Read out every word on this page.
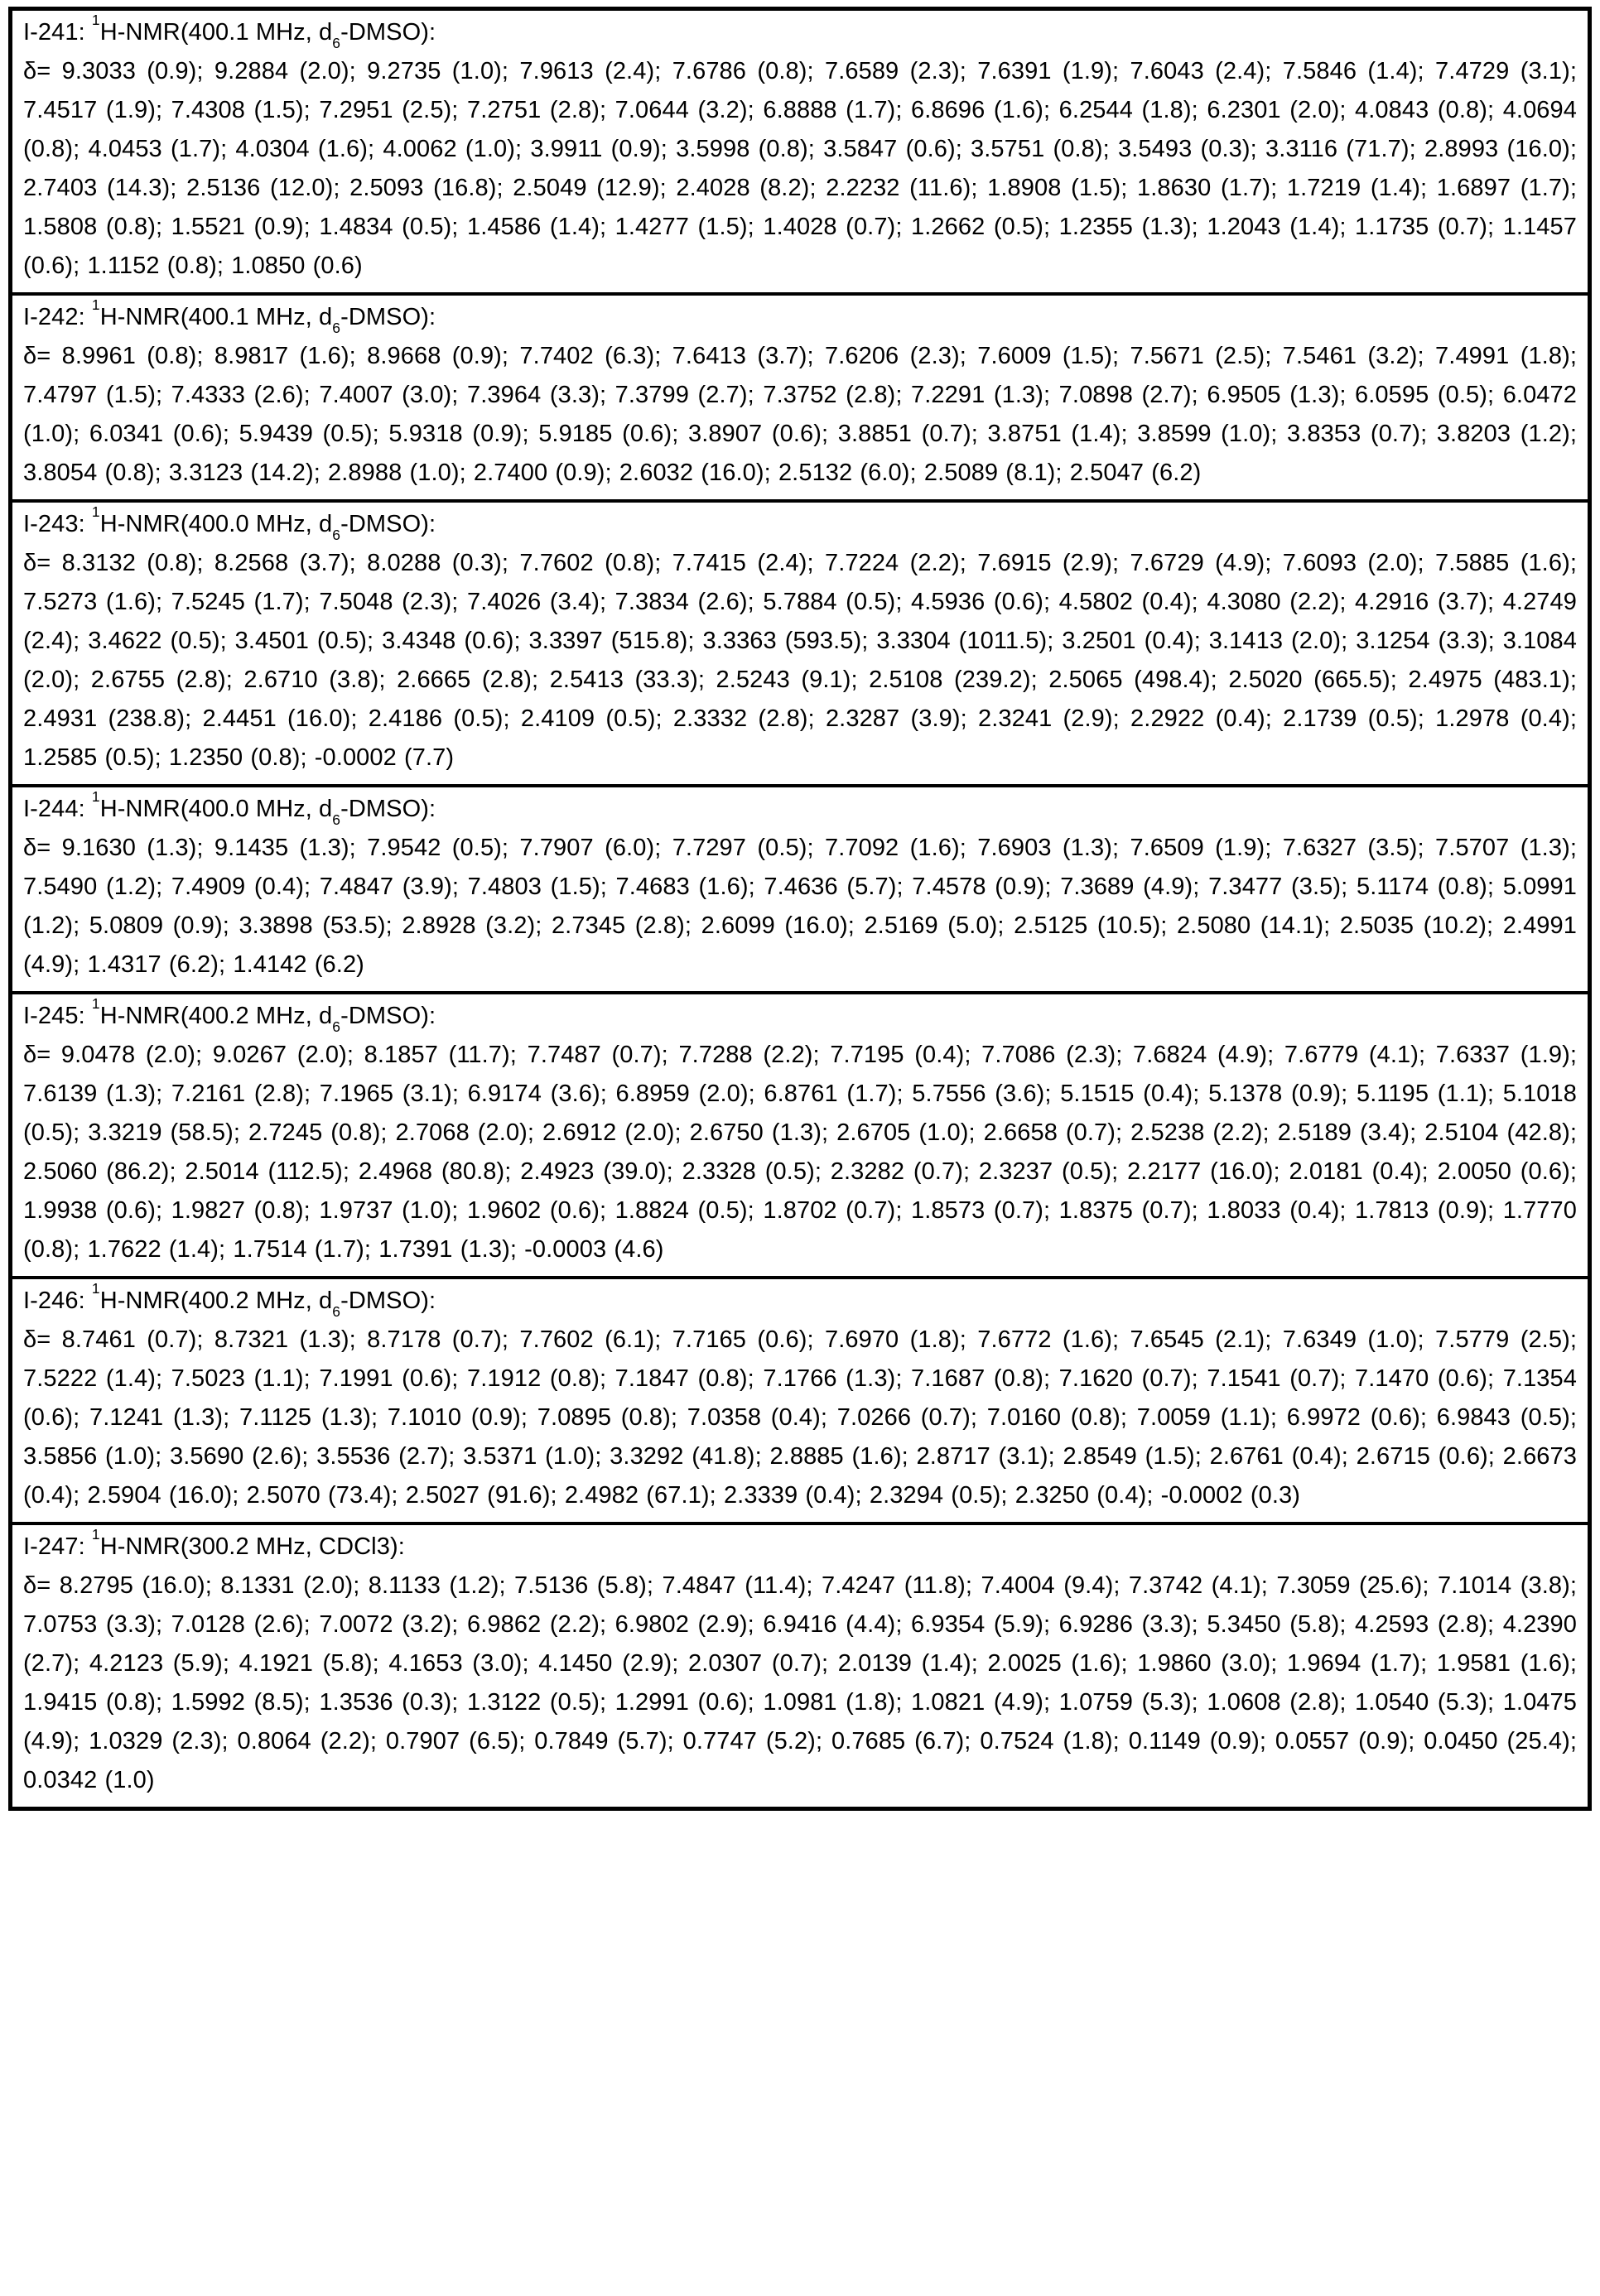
I-241: $^1$H-NMR(400.1 MHz, $d_6-DMSO$):
δ= 9.3033 (0.9); 9.2884 (2.0); 9.2735 (1.0); 7.9613 (2.4); 7.6786 (0.8); 7.6589 (2.3); 7.6391 (1.9); 7.6043 (2.4); 7.5846 (1.4); 7.4729 (3.1); 7.4517 (1.9); 7.4308 (1.5); 7.2951 (2.5); 7.2751 (2.8); 7.0644 (3.2); 6.8888 (1.7); 6.8696 (1.6); 6.2544 (1.8); 6.2301 (2.0); 4.0843 (0.8); 4.0694 (0.8); 4.0453 (1.7); 4.0304 (1.6); 4.0062 (1.0); 3.9911 (0.9); 3.5998 (0.8); 3.5847 (0.6); 3.5751 (0.8); 3.5493 (0.3); 3.3116 (71.7); 2.8993 (16.0); 2.7403 (14.3); 2.5136 (12.0); 2.5093 (16.8); 2.5049 (12.9); 2.4028 (8.2); 2.2232 (11.6); 1.8908 (1.5); 1.8630 (1.7); 1.7219 (1.4); 1.6897 (1.7); 1.5808 (0.8); 1.5521 (0.9); 1.4834 (0.5); 1.4586 (1.4); 1.4277 (1.5); 1.4028 (0.7); 1.2662 (0.5); 1.2355 (1.3); 1.2043 (1.4); 1.1735 (0.7); 1.1457 (0.6); 1.1152 (0.8); 1.0850 (0.6)
I-242: $^1$H-NMR(400.1 MHz, $d_6-DMSO$):
δ= 8.9961 (0.8); 8.9817 (1.6); 8.9668 (0.9); 7.7402 (6.3); 7.6413 (3.7); 7.6206 (2.3); 7.6009 (1.5); 7.5671 (2.5); 7.5461 (3.2); 7.4991 (1.8); 7.4797 (1.5); 7.4333 (2.6); 7.4007 (3.0); 7.3964 (3.3); 7.3799 (2.7); 7.3752 (2.8); 7.2291 (1.3); 7.0898 (2.7); 6.9505 (1.3); 6.0595 (0.5); 6.0472 (1.0); 6.0341 (0.6); 5.9439 (0.5); 5.9318 (0.9); 5.9185 (0.6); 3.8907 (0.6); 3.8851 (0.7); 3.8751 (1.4); 3.8599 (1.0); 3.8353 (0.7); 3.8203 (1.2); 3.8054 (0.8); 3.3123 (14.2); 2.8988 (1.0); 2.7400 (0.9); 2.6032 (16.0); 2.5132 (6.0); 2.5089 (8.1); 2.5047 (6.2)
I-243: $^1$H-NMR(400.0 MHz, $d_6-DMSO$):
δ= 8.3132 (0.8); 8.2568 (3.7); 8.0288 (0.3); 7.7602 (0.8); 7.7415 (2.4); 7.7224 (2.2); 7.6915 (2.9); 7.6729 (4.9); 7.6093 (2.0); 7.5885 (1.6); 7.5273 (1.6); 7.5245 (1.7); 7.5048 (2.3); 7.4026 (3.4); 7.3834 (2.6); 5.7884 (0.5); 4.5936 (0.6); 4.5802 (0.4); 4.3080 (2.2); 4.2916 (3.7); 4.2749 (2.4); 3.4622 (0.5); 3.4501 (0.5); 3.4348 (0.6); 3.3397 (515.8); 3.3363 (593.5); 3.3304 (1011.5); 3.2501 (0.4); 3.1413 (2.0); 3.1254 (3.3); 3.1084 (2.0); 2.6755 (2.8); 2.6710 (3.8); 2.6665 (2.8); 2.5413 (33.3); 2.5243 (9.1); 2.5108 (239.2); 2.5065 (498.4); 2.5020 (665.5); 2.4975 (483.1); 2.4931 (238.8); 2.4451 (16.0); 2.4186 (0.5); 2.4109 (0.5); 2.3332 (2.8); 2.3287 (3.9); 2.3241 (2.9); 2.2922 (0.4); 2.1739 (0.5); 1.2978 (0.4); 1.2585 (0.5); 1.2350 (0.8); -0.0002 (7.7)
I-244: $^1$H-NMR(400.0 MHz, $d_6-DMSO$):
δ= 9.1630 (1.3); 9.1435 (1.3); 7.9542 (0.5); 7.7907 (6.0); 7.7297 (0.5); 7.7092 (1.6); 7.6903 (1.3); 7.6509 (1.9); 7.6327 (3.5); 7.5707 (1.3); 7.5490 (1.2); 7.4909 (0.4); 7.4847 (3.9); 7.4803 (1.5); 7.4683 (1.6); 7.4636 (5.7); 7.4578 (0.9); 7.3689 (4.9); 7.3477 (3.5); 5.1174 (0.8); 5.0991 (1.2); 5.0809 (0.9); 3.3898 (53.5); 2.8928 (3.2); 2.7345 (2.8); 2.6099 (16.0); 2.5169 (5.0); 2.5125 (10.5); 2.5080 (14.1); 2.5035 (10.2); 2.4991 (4.9); 1.4317 (6.2); 1.4142 (6.2)
I-245: $^1$H-NMR(400.2 MHz, $d_6-DMSO$):
δ= 9.0478 (2.0); 9.0267 (2.0); 8.1857 (11.7); 7.7487 (0.7); 7.7288 (2.2); 7.7195 (0.4); 7.7086 (2.3); 7.6824 (4.9); 7.6779 (4.1); 7.6337 (1.9); 7.6139 (1.3); 7.2161 (2.8); 7.1965 (3.1); 6.9174 (3.6); 6.8959 (2.0); 6.8761 (1.7); 5.7556 (3.6); 5.1515 (0.4); 5.1378 (0.9); 5.1195 (1.1); 5.1018 (0.5); 3.3219 (58.5); 2.7245 (0.8); 2.7068 (2.0); 2.6912 (2.0); 2.6750 (1.3); 2.6705 (1.0); 2.6658 (0.7); 2.5238 (2.2); 2.5189 (3.4); 2.5104 (42.8); 2.5060 (86.2); 2.5014 (112.5); 2.4968 (80.8); 2.4923 (39.0); 2.3328 (0.5); 2.3282 (0.7); 2.3237 (0.5); 2.2177 (16.0); 2.0181 (0.4); 2.0050 (0.6); 1.9938 (0.6); 1.9827 (0.8); 1.9737 (1.0); 1.9602 (0.6); 1.8824 (0.5); 1.8702 (0.7); 1.8573 (0.7); 1.8375 (0.7); 1.8033 (0.4); 1.7813 (0.9); 1.7770 (0.8); 1.7622 (1.4); 1.7514 (1.7); 1.7391 (1.3); -0.0003 (4.6)
I-246: $^1$H-NMR(400.2 MHz, $d_6-DMSO$):
δ= 8.7461 (0.7); 8.7321 (1.3); 8.7178 (0.7); 7.7602 (6.1); 7.7165 (0.6); 7.6970 (1.8); 7.6772 (1.6); 7.6545 (2.1); 7.6349 (1.0); 7.5779 (2.5); 7.5222 (1.4); 7.5023 (1.1); 7.1991 (0.6); 7.1912 (0.8); 7.1847 (0.8); 7.1766 (1.3); 7.1687 (0.8); 7.1620 (0.7); 7.1541 (0.7); 7.1470 (0.6); 7.1354 (0.6); 7.1241 (1.3); 7.1125 (1.3); 7.1010 (0.9); 7.0895 (0.8); 7.0358 (0.4); 7.0266 (0.7); 7.0160 (0.8); 7.0059 (1.1); 6.9972 (0.6); 6.9843 (0.5); 3.5856 (1.0); 3.5690 (2.6); 3.5536 (2.7); 3.5371 (1.0); 3.3292 (41.8); 2.8885 (1.6); 2.8717 (3.1); 2.8549 (1.5); 2.6761 (0.4); 2.6715 (0.6); 2.6673 (0.4); 2.5904 (16.0); 2.5070 (73.4); 2.5027 (91.6); 2.4982 (67.1); 2.3339 (0.4); 2.3294 (0.5); 2.3250 (0.4); -0.0002 (0.3)
I-247: $^1$H-NMR(300.2 MHz, CDCl3):
δ= 8.2795 (16.0); 8.1331 (2.0); 8.1133 (1.2); 7.5136 (5.8); 7.4847 (11.4); 7.4247 (11.8); 7.4004 (9.4); 7.3742 (4.1); 7.3059 (25.6); 7.1014 (3.8); 7.0753 (3.3); 7.0128 (2.6); 7.0072 (3.2); 6.9862 (2.2); 6.9802 (2.9); 6.9416 (4.4); 6.9354 (5.9); 6.9286 (3.3); 5.3450 (5.8); 4.2593 (2.8); 4.2390 (2.7); 4.2123 (5.9); 4.1921 (5.8); 4.1653 (3.0); 4.1450 (2.9); 2.0307 (0.7); 2.0139 (1.4); 2.0025 (1.6); 1.9860 (3.0); 1.9694 (1.7); 1.9581 (1.6); 1.9415 (0.8); 1.5992 (8.5); 1.3536 (0.3); 1.3122 (0.5); 1.2991 (0.6); 1.0981 (1.8); 1.0821 (4.9); 1.0759 (5.3); 1.0608 (2.8); 1.0540 (5.3); 1.0475 (4.9); 1.0329 (2.3); 0.8064 (2.2); 0.7907 (6.5); 0.7849 (5.7); 0.7747 (5.2); 0.7685 (6.7); 0.7524 (1.8); 0.1149 (0.9); 0.0557 (0.9); 0.0450 (25.4); 0.0342 (1.0)
